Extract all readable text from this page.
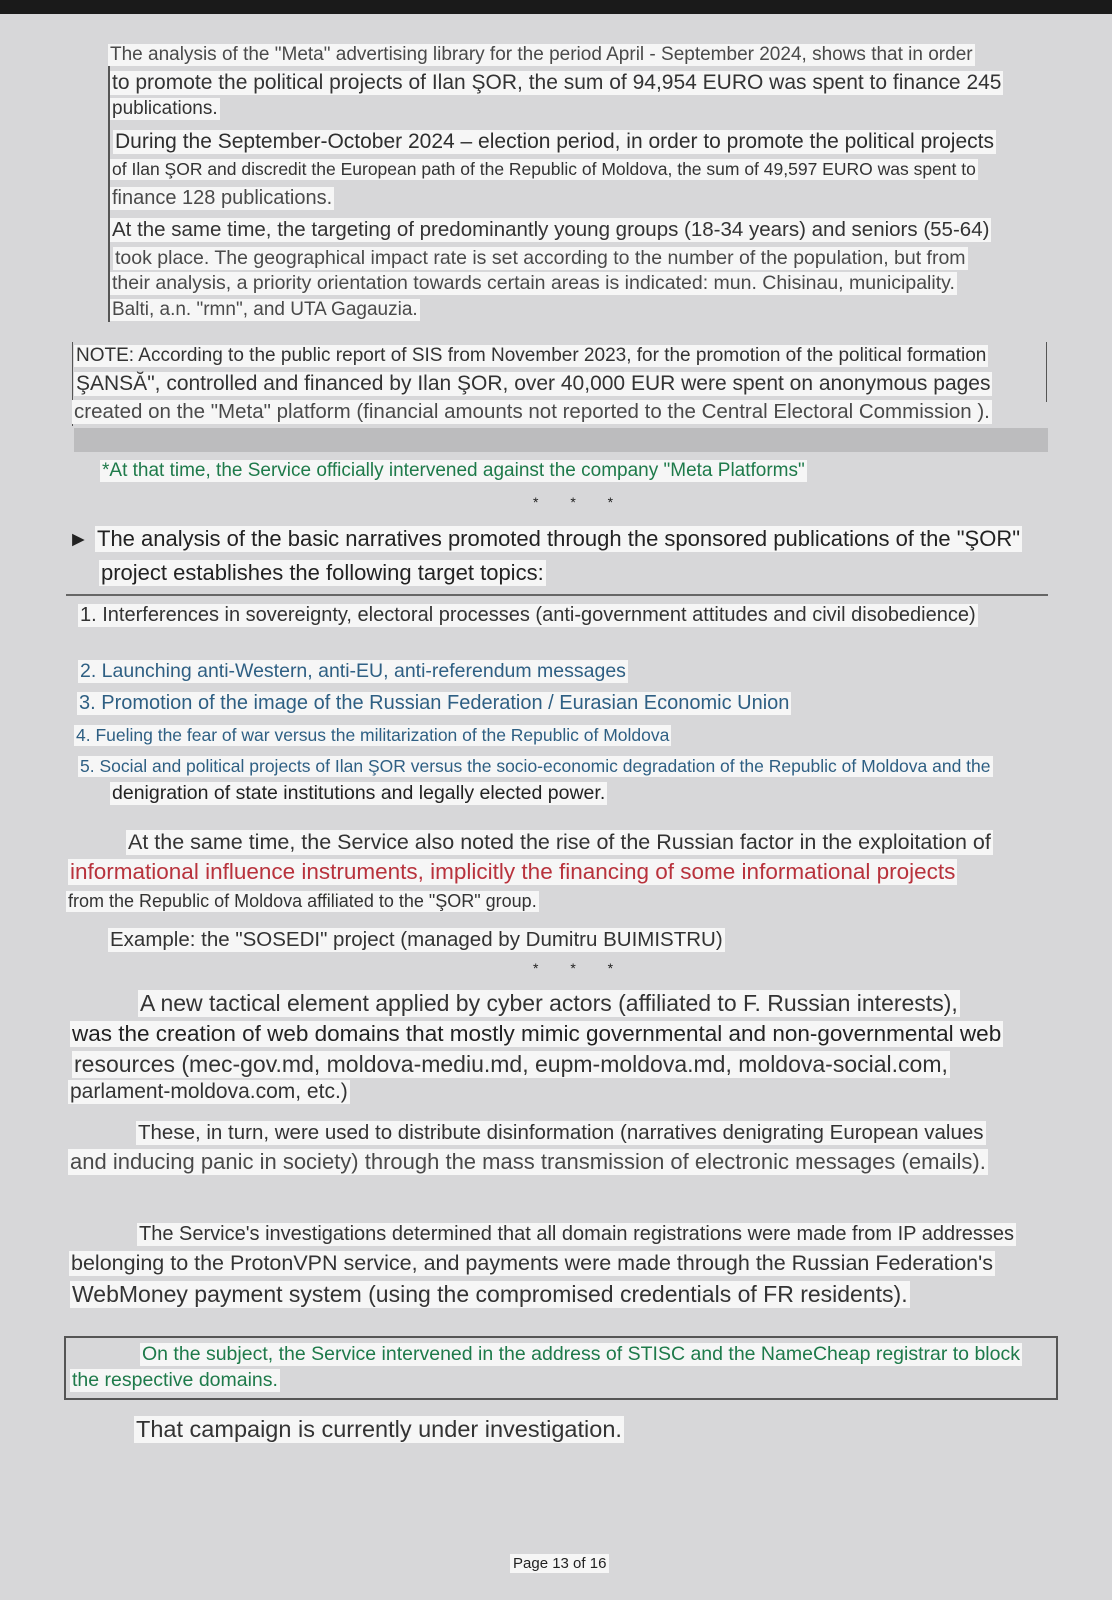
The analysis of the "Meta" advertising library for the period April - September 2024, shows that in order
to promote the political projects of Ilan ŞOR, the sum of 94,954 EURO was spent to finance 245
publications.
During the September-October 2024 – election period, in order to promote the political projects
of Ilan ŞOR and discredit the European path of the Republic of Moldova, the sum of 49,597 EURO was spent to
finance 128 publications.
At the same time, the targeting of predominantly young groups (18-34 years) and seniors (55-64)
took place. The geographical impact rate is set according to the number of the population, but from
their analysis, a priority orientation towards certain areas is indicated: mun. Chisinau, municipality.
Balti, a.n. "rmn", and UTA Gagauzia.
NOTE: According to the public report of SIS from November 2023, for the promotion of the political formation
ŞANSĂ", controlled and financed by Ilan ŞOR, over 40,000 EUR were spent on anonymous pages
created on the "Meta" platform (financial amounts not reported to the Central Electoral Commission ).
*At that time, the Service officially intervened against the company "Meta Platforms"
* * *
► The analysis of the basic narratives promoted through the sponsored publications of the "ŞOR"
project establishes the following target topics:
1. Interferences in sovereignty, electoral processes (anti-government attitudes and civil disobedience)
2. Launching anti-Western, anti-EU, anti-referendum messages
3. Promotion of the image of the Russian Federation / Eurasian Economic Union
4. Fueling the fear of war versus the militarization of the Republic of Moldova
5. Social and political projects of Ilan ŞOR versus the socio-economic degradation of the Republic of Moldova and the
denigration of state institutions and legally elected power.
At the same time, the Service also noted the rise of the Russian factor in the exploitation of
informational influence instruments, implicitly the financing of some informational projects
from the Republic of Moldova affiliated to the "ŞOR" group.
Example: the "SOSEDI" project (managed by Dumitru BUIMISTRU)
* * *
A new tactical element applied by cyber actors (affiliated to F. Russian interests),
was the creation of web domains that mostly mimic governmental and non-governmental web
resources (mec-gov.md, moldova-mediu.md, eupm-moldova.md, moldova-social.com,
parlament-moldova.com, etc.)
These, in turn, were used to distribute disinformation (narratives denigrating European values
and inducing panic in society) through the mass transmission of electronic messages (emails).
The Service's investigations determined that all domain registrations were made from IP addresses
belonging to the ProtonVPN service, and payments were made through the Russian Federation's
WebMoney payment system (using the compromised credentials of FR residents).
On the subject, the Service intervened in the address of STISC and the NameCheap registrar to block
the respective domains.
That campaign is currently under investigation.
Page 13 of 16
